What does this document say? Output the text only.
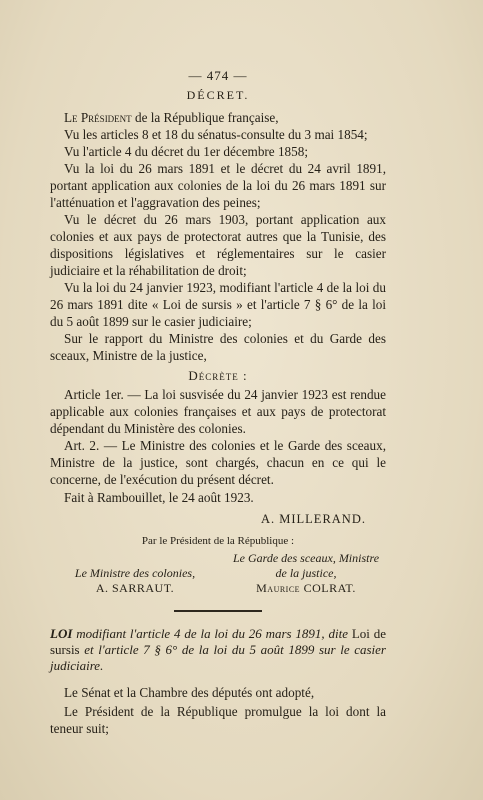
— 474 —
DÉCRET.

Le Président de la République française,

Vu les articles 8 et 18 du sénatus-consulte du 3 mai 1854;

Vu l'article 4 du décret du 1er décembre 1858;

Vu la loi du 26 mars 1891 et le décret du 24 avril 1891, portant application aux colonies de la loi du 26 mars 1891 sur l'atténuation et l'aggravation des peines;

Vu le décret du 26 mars 1903, portant application aux colonies et aux pays de protectorat autres que la Tunisie, des dispositions législatives et réglementaires sur le casier judiciaire et la réhabilitation de droit;

Vu la loi du 24 janvier 1923, modifiant l'article 4 de la loi du 26 mars 1891 dite « Loi de sursis » et l'article 7 § 6° de la loi du 5 août 1899 sur le casier judiciaire;

Sur le rapport du Ministre des colonies et du Garde des sceaux, Ministre de la justice,

Décrète :

Article 1er. — La loi susvisée du 24 janvier 1923 est rendue applicable aux colonies françaises et aux pays de protectorat dépendant du Ministère des colonies.

Art. 2. — Le Ministre des colonies et le Garde des sceaux, Ministre de la justice, sont chargés, chacun en ce qui le concerne, de l'exécution du présent décret.

Fait à Rambouillet, le 24 août 1923.

A. MILLERAND.
Par le Président de la République :
Le Ministre des colonies,
A. SARRAUT.
Le Garde des sceaux, Ministre
de la justice,
Maurice COLRAT.

LOI modifiant l'article 4 de la loi du 26 mars 1891, dite Loi de sursis et l'article 7 § 6° de la loi du 5 août 1899 sur le casier judiciaire.

Le Sénat et la Chambre des députés ont adopté,

Le Président de la République promulgue la loi dont la teneur suit;
